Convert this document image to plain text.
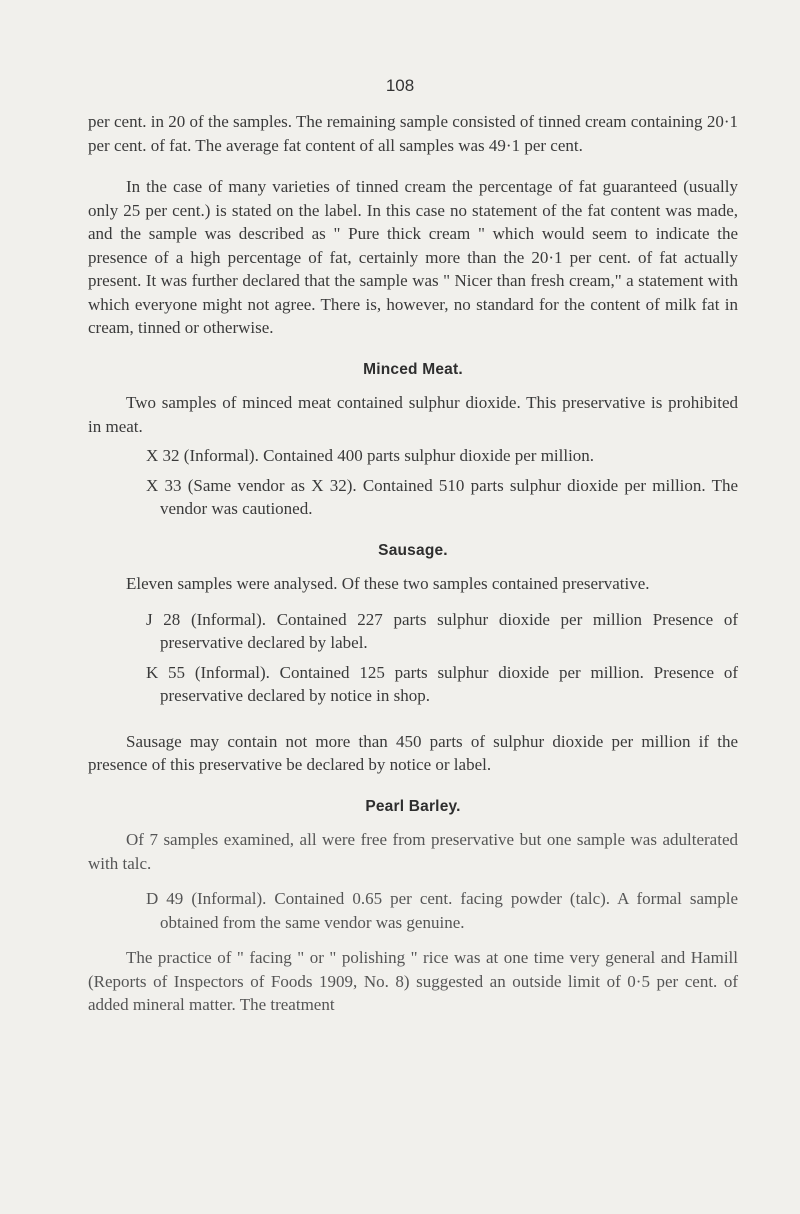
108

per cent. in 20 of the samples. The remaining sample consisted of tinned cream containing 20·1 per cent. of fat. The average fat content of all samples was 49·1 per cent.

In the case of many varieties of tinned cream the percentage of fat guaranteed (usually only 25 per cent.) is stated on the label. In this case no statement of the fat content was made, and the sample was described as " Pure thick cream " which would seem to indicate the presence of a high percentage of fat, certainly more than the 20·1 per cent. of fat actually present. It was further declared that the sample was " Nicer than fresh cream," a statement with which everyone might not agree. There is, however, no standard for the content of milk fat in cream, tinned or otherwise.

Minced Meat.

Two samples of minced meat contained sulphur dioxide. This preservative is prohibited in meat.

X 32 (Informal). Contained 400 parts sulphur dioxide per million.

X 33 (Same vendor as X 32). Contained 510 parts sulphur dioxide per million. The vendor was cautioned.

Sausage.

Eleven samples were analysed. Of these two samples contained preservative.

J 28 (Informal). Contained 227 parts sulphur dioxide per million Presence of preservative declared by label.

K 55 (Informal). Contained 125 parts sulphur dioxide per million. Presence of preservative declared by notice in shop.

Sausage may contain not more than 450 parts of sulphur dioxide per million if the presence of this preservative be declared by notice or label.

Pearl Barley.

Of 7 samples examined, all were free from preservative but one sample was adulterated with talc.

D 49 (Informal). Contained 0.65 per cent. facing powder (talc). A formal sample obtained from the same vendor was genuine.

The practice of " facing " or " polishing " rice was at one time very general and Hamill (Reports of Inspectors of Foods 1909, No. 8) suggested an outside limit of 0·5 per cent. of added mineral matter. The treatment
